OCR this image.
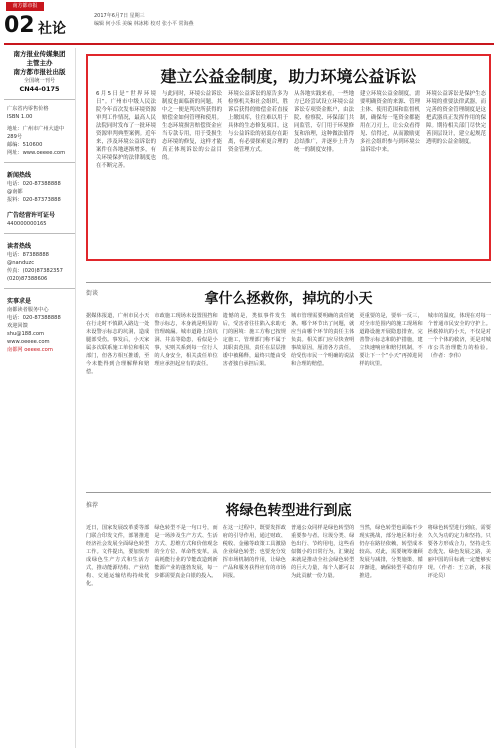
南方都市报
02 社论
2017年6月7日 星期三
编辑 何小乐 美编 林冰彬 校对 张小平 常海燕
南方报业传媒集团
主管主办
南方都市报社出版
全国统一刊号
CN44-0175
广东省内零售价格
ISBN 1.00
地址：广州市广州大道中289号
邮编：510600
网址：www.oeeee.com
新闻热线
电话：020-87388888
@南都
报料：020-87373888
广告经营许可证号
440000000165
读者热线
电话：87388888
@nanduzc
传真：(020)87382357
(020)87388606
实事求是
南都读者服务中心
电话：020-87388888
欢迎回馈
shu@188.com
www.oeeee.com
南都网 oeeee.com
建立公益金制度，助力环境公益诉讼
6月5日是“世界环境日”。广州市中级人民法院今年首次发布环境资源审判工作情况，最高人民法院同时发布了一批环境资源审判典型案例。近年来，涉及环境公益诉讼的案件在各地逐渐增多，有关环境保护的法律制度也在不断完善。
与此同时，环境公益诉讼制度也面临新的问题，其中之一便是判决所获得的赔偿金如何管理和使用。生态环境损害赔偿资金应当专款专用，用于受损生态环境的修复，这样才能真正体现诉讼的公益目的。
环境公益诉讼的原告多为检察机关和社会组织，胜诉后获得的赔偿金若直接上缴国库，往往难以用于具体的生态修复项目，这与公益诉讼的初衷存在距离，有必要探索更合理的资金管理方式。
从各地实践来看，一些地方已经尝试设立环境公益诉讼专项资金账户，由法院、检察院、环保部门共同监管，专门用于环境修复和治理，这种做法值得总结推广，并逐步上升为统一的制度安排。
建立环境公益金制度，需要明确资金的来源、管理主体、使用范围和监督机制，确保每一笔资金都能用在刀刃上，让公众看得见、信得过，从而激励更多社会组织参与到环境公益诉讼中来。
环境公益诉讼是保护生态环境的重要法律武器，而完善的资金管理制度是这把武器真正发挥作用的保障。期待相关部门尽快完善顶层设计，建立起规范透明的公益金制度。
街谈	拿什么拯救你，掉坑的小天
据媒体报道，广州市民小天在行走时不慎跌入路边一处未设警示标志的坑洞，造成腿部受伤。事发后，小天家属多次联系施工单位和相关部门，但各方相互推诿，至今未能得到合理解释和赔偿。
市政施工现场未设置围挡和警示标志，本身就是明显的管理疏漏。城市道路上的坑洞、井盖等隐患，看似是小事，实则关系到每一位行人的人身安全，相关责任单位理应承担起应有的责任。
遗憾的是，类似事件发生后，受害者往往陷入求助无门的困境：施工方称已按规定施工，管理部门称不属于其职责范围，责任在层层推诿中被稀释，最终只能由受害者独自承担后果。
城市管理需要明确的责任链条。哪个环节出了问题，就应当由哪个环节的责任主体负责。相关部门应尽快查明事故原因，厘清各方责任，给受伤市民一个明确的说法和合理的赔偿。
更重要的是，要举一反三，对全市范围内的施工现场和道路设施开展隐患排查，完善警示标志和防护措施，建立快速响应和赔付机制，不要让下一个“小天”再掉进同样的坑里。
城市的温度，体现在对每一个普通市民安全的守护上。拯救掉坑的小天，不仅是对一个个体的救济，更是对城市公共治理能力的检验。（作者：李伟）
推荐	将绿色转型进行到底
近日，国家发展改革委等部门联合印发文件，部署推进经济社会发展全面绿色转型工作。文件提出，要加快形成绿色生产方式和生活方式，推动能源结构、产业结构、交通运输结构持续优化。
绿色转型不是一句口号，而是一场涉及生产方式、生活方式、思维方式和价值观念的全方位、革命性变革。从高耗能行业的节能改造到新能源产业的蓬勃发展，每一步都需要真金白银的投入。
在这一过程中，既要发挥政府的引导作用，通过财政、税收、金融等政策工具激励企业绿色转型；也要充分发挥市场机制的作用，让绿色产品和服务获得应有的市场回报。
普通公众同样是绿色转型的重要参与者。垃圾分类、绿色出行、节约用电，这些看似微小的日常行为，汇聚起来就是推动全社会绿色转型的巨大力量，每个人都可以为此贡献一份力量。
当然，绿色转型也面临不少现实挑战，部分地区和行业仍存在路径依赖，转型成本较高。对此，需要统筹兼顾发展与减排，分类施策、循序渐进，确保转型平稳有序推进。
将绿色转型进行到底，需要久久为功的定力和坚持。只要各方形成合力，坚持走生态优先、绿色发展之路，美丽中国的目标就一定能够实现。（作者：王立新，本报评论员）
